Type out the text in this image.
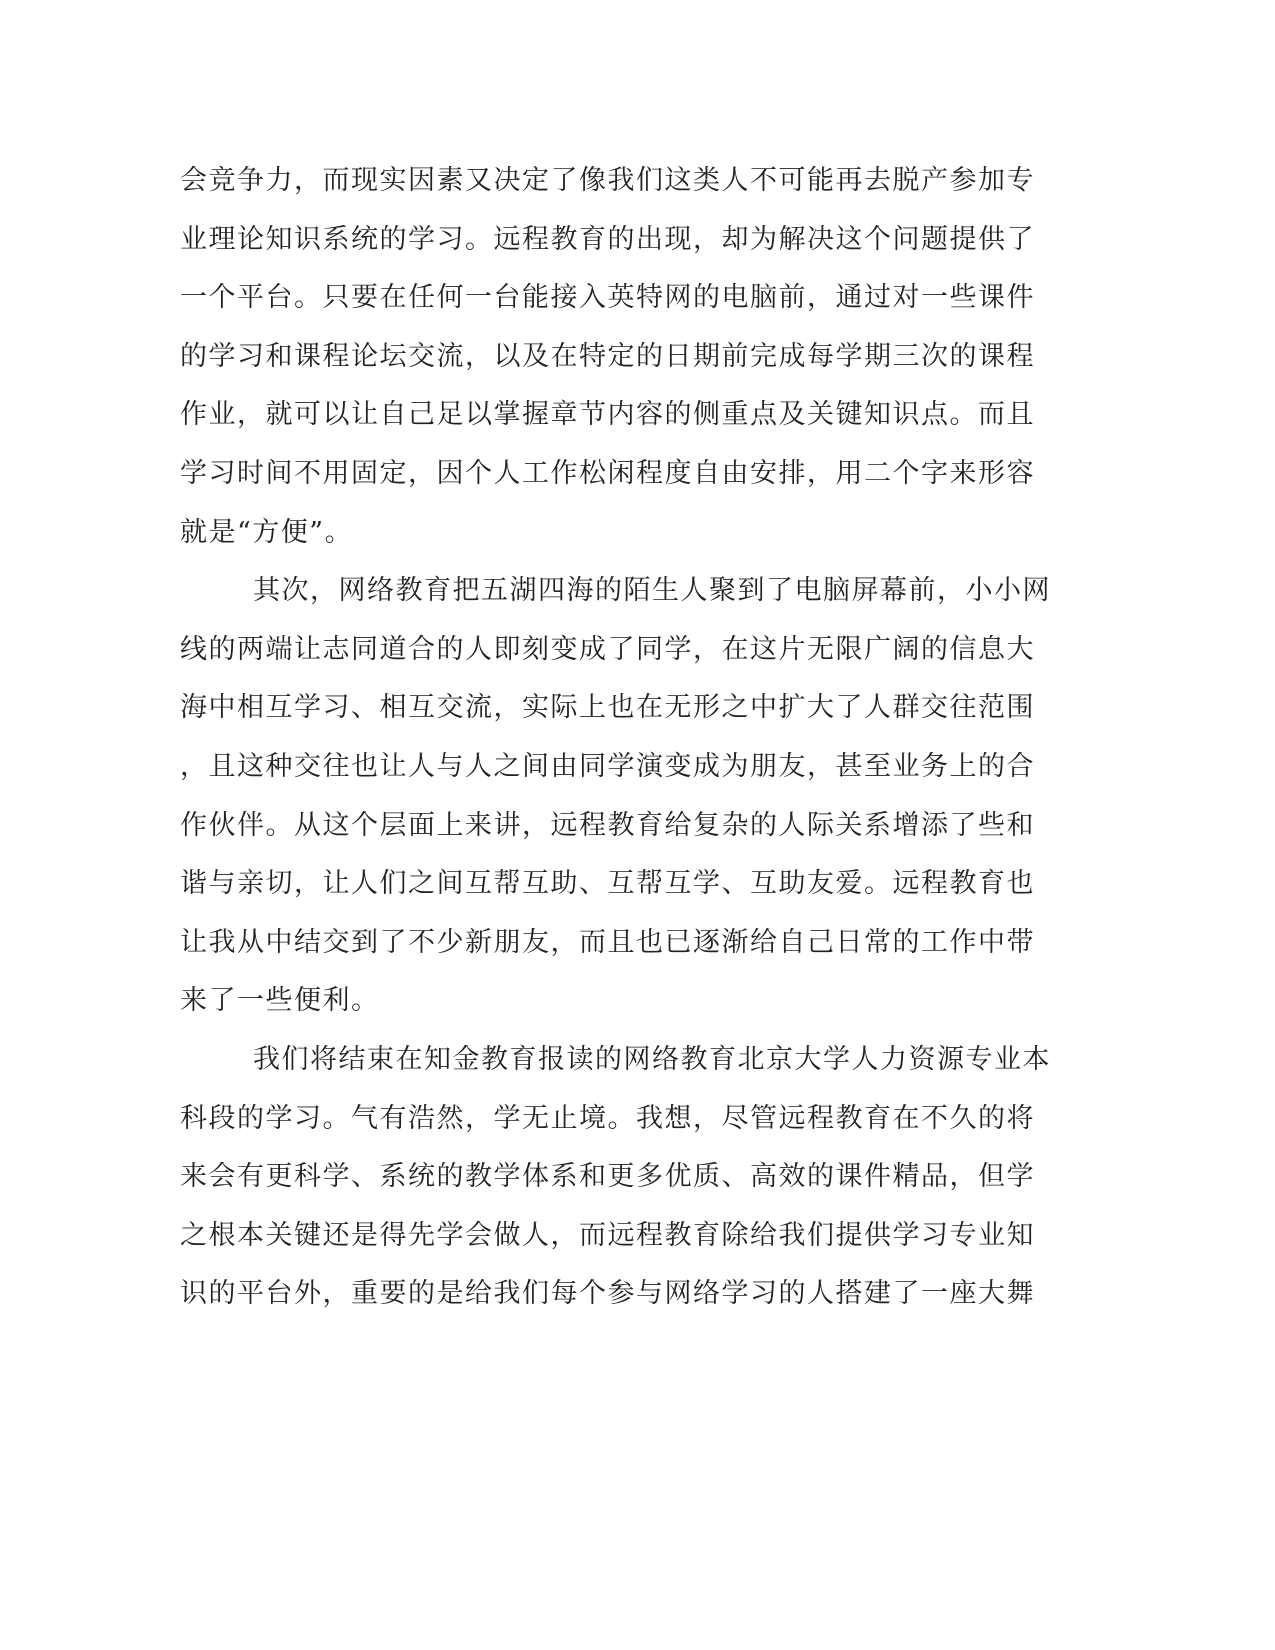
会竞争力，而现实因素又决定了像我们这类人不可能再去脱产参加专
业理论知识系统的学习。远程教育的出现，却为解决这个问题提供了
一个平台。只要在任何一台能接入英特网的电脑前，通过对一些课件
的学习和课程论坛交流，以及在特定的日期前完成每学期三次的课程
作业，就可以让自己足以掌握章节内容的侧重点及关键知识点。而且
学习时间不用固定，因个人工作松闲程度自由安排，用二个字来形容
就是“方便”。
其次，网络教育把五湖四海的陌生人聚到了电脑屏幕前，小小网
线的两端让志同道合的人即刻变成了同学，在这片无限广阔的信息大
海中相互学习、相互交流，实际上也在无形之中扩大了人群交往范围
，且这种交往也让人与人之间由同学演变成为朋友，甚至业务上的合
作伙伴。从这个层面上来讲，远程教育给复杂的人际关系增添了些和
谐与亲切，让人们之间互帮互助、互帮互学、互助友爱。远程教育也
让我从中结交到了不少新朋友，而且也已逐渐给自己日常的工作中带
来了一些便利。
我们将结束在知金教育报读的网络教育北京大学人力资源专业本
科段的学习。气有浩然，学无止境。我想，尽管远程教育在不久的将
来会有更科学、系统的教学体系和更多优质、高效的课件精品，但学
之根本关键还是得先学会做人，而远程教育除给我们提供学习专业知
识的平台外，重要的是给我们每个参与网络学习的人搭建了一座大舞
